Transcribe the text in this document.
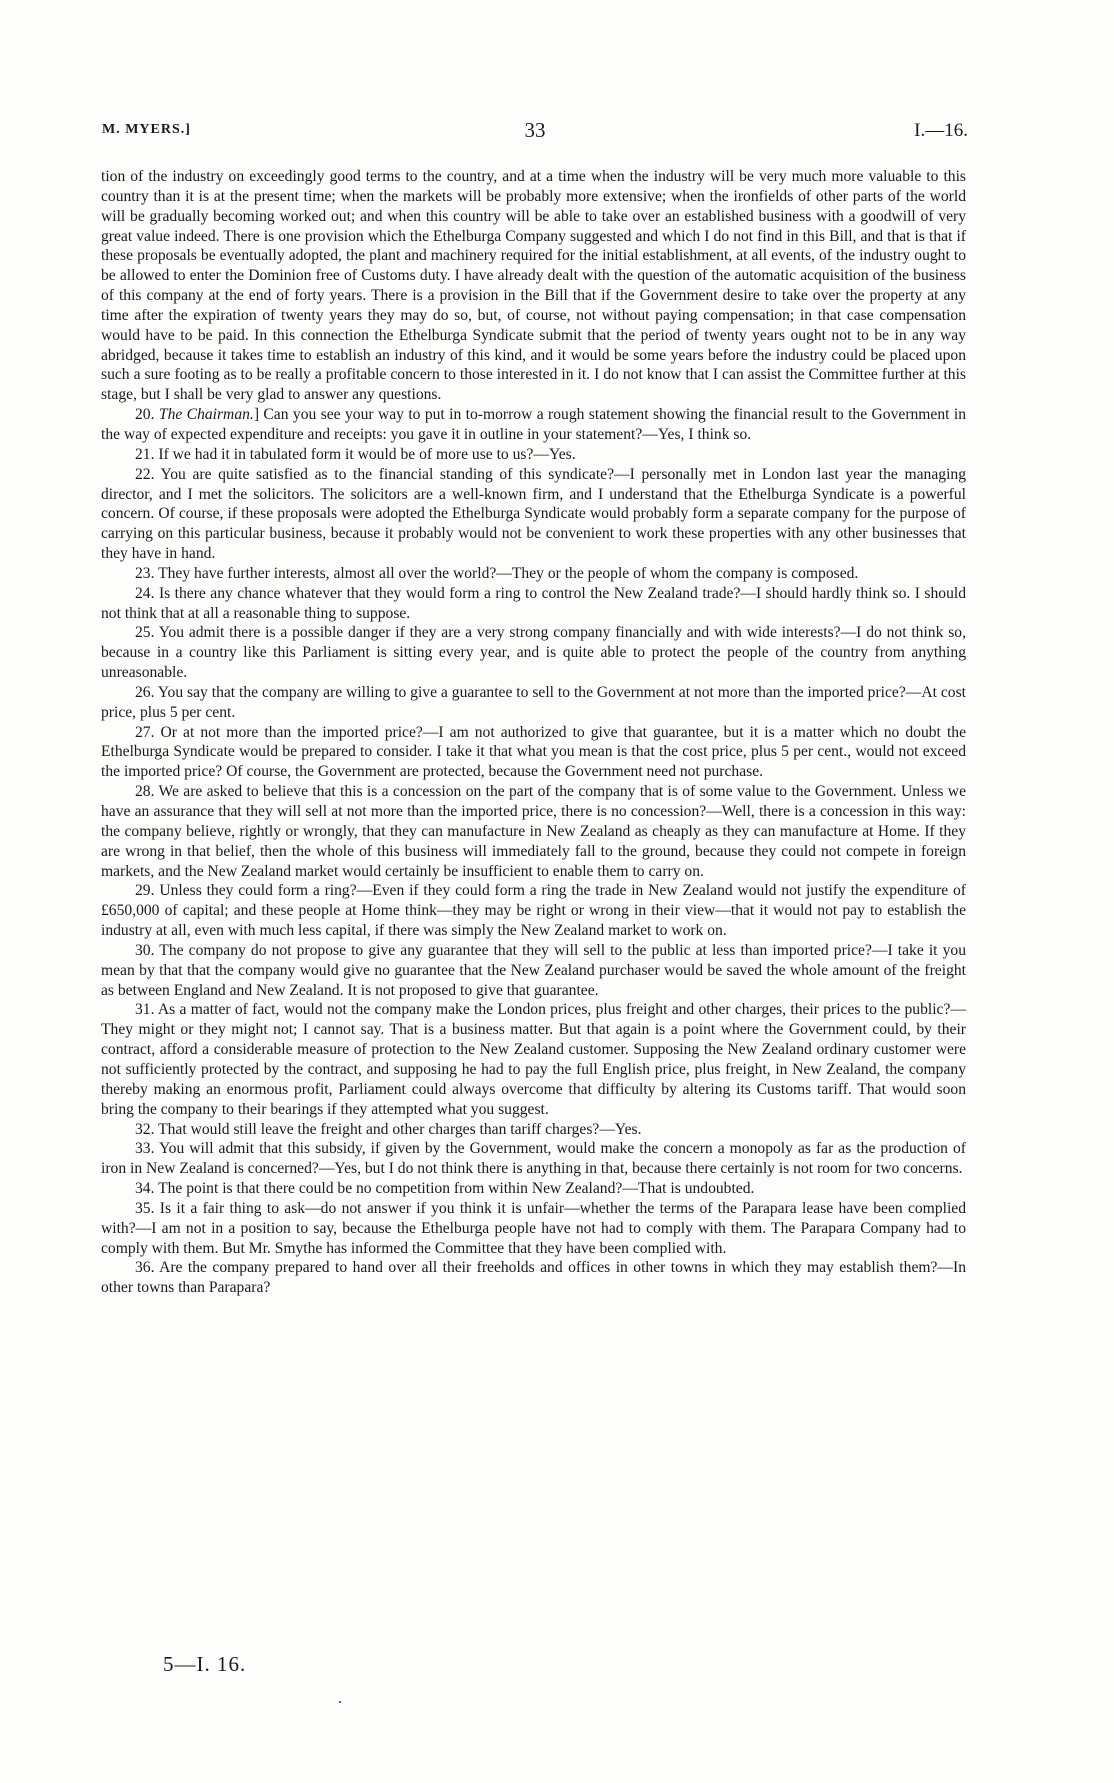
M. MYERS.]	33	I.—16.

tion of the industry on exceedingly good terms to the country, and at a time when the industry will be very much more valuable to this country than it is at the present time; when the markets will be probably more extensive; when the ironfields of other parts of the world will be gradually becoming worked out; and when this country will be able to take over an established business with a goodwill of very great value indeed. There is one provision which the Ethelburga Company suggested and which I do not find in this Bill, and that is that if these proposals be eventually adopted, the plant and machinery required for the initial establishment, at all events, of the industry ought to be allowed to enter the Dominion free of Customs duty. I have already dealt with the question of the automatic acquisition of the business of this company at the end of forty years. There is a provision in the Bill that if the Government desire to take over the property at any time after the expiration of twenty years they may do so, but, of course, not without paying compensation; in that case compensation would have to be paid. In this connection the Ethelburga Syndicate submit that the period of twenty years ought not to be in any way abridged, because it takes time to establish an industry of this kind, and it would be some years before the industry could be placed upon such a sure footing as to be really a profitable concern to those interested in it. I do not know that I can assist the Committee further at this stage, but I shall be very glad to answer any questions.

20. The Chairman.] Can you see your way to put in to-morrow a rough statement showing the financial result to the Government in the way of expected expenditure and receipts: you gave it in outline in your statement?—Yes, I think so.

21. If we had it in tabulated form it would be of more use to us?—Yes.

22. You are quite satisfied as to the financial standing of this syndicate?—I personally met in London last year the managing director, and I met the solicitors. The solicitors are a well-known firm, and I understand that the Ethelburga Syndicate is a powerful concern. Of course, if these proposals were adopted the Ethelburga Syndicate would probably form a separate company for the purpose of carrying on this particular business, because it probably would not be convenient to work these properties with any other businesses that they have in hand.

23. They have further interests, almost all over the world?—They or the people of whom the company is composed.

24. Is there any chance whatever that they would form a ring to control the New Zealand trade?—I should hardly think so. I should not think that at all a reasonable thing to suppose.

25. You admit there is a possible danger if they are a very strong company financially and with wide interests?—I do not think so, because in a country like this Parliament is sitting every year, and is quite able to protect the people of the country from anything unreasonable.

26. You say that the company are willing to give a guarantee to sell to the Government at not more than the imported price?—At cost price, plus 5 per cent.

27. Or at not more than the imported price?—I am not authorized to give that guarantee, but it is a matter which no doubt the Ethelburga Syndicate would be prepared to consider. I take it that what you mean is that the cost price, plus 5 per cent., would not exceed the imported price? Of course, the Government are protected, because the Government need not purchase.

28. We are asked to believe that this is a concession on the part of the company that is of some value to the Government. Unless we have an assurance that they will sell at not more than the imported price, there is no concession?—Well, there is a concession in this way: the company believe, rightly or wrongly, that they can manufacture in New Zealand as cheaply as they can manufacture at Home. If they are wrong in that belief, then the whole of this business will immediately fall to the ground, because they could not compete in foreign markets, and the New Zealand market would certainly be insufficient to enable them to carry on.

29. Unless they could form a ring?—Even if they could form a ring the trade in New Zealand would not justify the expenditure of £650,000 of capital; and these people at Home think—they may be right or wrong in their view—that it would not pay to establish the industry at all, even with much less capital, if there was simply the New Zealand market to work on.

30. The company do not propose to give any guarantee that they will sell to the public at less than imported price?—I take it you mean by that that the company would give no guarantee that the New Zealand purchaser would be saved the whole amount of the freight as between England and New Zealand. It is not proposed to give that guarantee.

31. As a matter of fact, would not the company make the London prices, plus freight and other charges, their prices to the public?—They might or they might not; I cannot say. That is a business matter. But that again is a point where the Government could, by their contract, afford a considerable measure of protection to the New Zealand customer. Supposing the New Zealand ordinary customer were not sufficiently protected by the contract, and supposing he had to pay the full English price, plus freight, in New Zealand, the company thereby making an enormous profit, Parliament could always overcome that difficulty by altering its Customs tariff. That would soon bring the company to their bearings if they attempted what you suggest.

32. That would still leave the freight and other charges than tariff charges?—Yes.

33. You will admit that this subsidy, if given by the Government, would make the concern a monopoly as far as the production of iron in New Zealand is concerned?—Yes, but I do not think there is anything in that, because there certainly is not room for two concerns.

34. The point is that there could be no competition from within New Zealand?—That is undoubted.

35. Is it a fair thing to ask—do not answer if you think it is unfair—whether the terms of the Parapara lease have been complied with?—I am not in a position to say, because the Ethelburga people have not had to comply with them. The Parapara Company had to comply with them. But Mr. Smythe has informed the Committee that they have been complied with.

36. Are the company prepared to hand over all their freeholds and offices in other towns in which they may establish them?—In other towns than Parapara?

5—I. 16.
